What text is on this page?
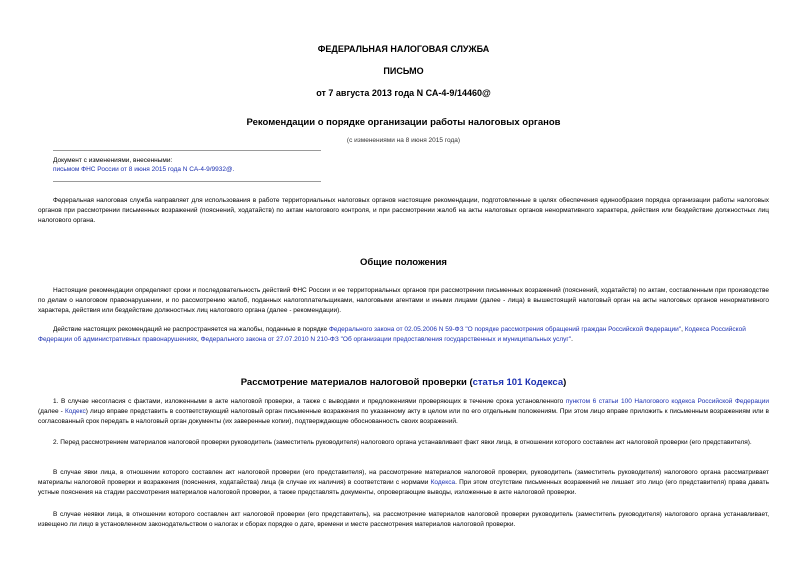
ФЕДЕРАЛЬНАЯ НАЛОГОВАЯ СЛУЖБА
ПИСЬМО
от 7 августа 2013 года N СА-4-9/14460@
Рекомендации о порядке организации работы налоговых органов
(с изменениями на 8 июня 2015 года)
Документ с изменениями, внесенными:
письмом ФНС России от 8 июня 2015 года N СА-4-9/9932@.
Федеральная налоговая служба направляет для использования в работе территориальных налоговых органов настоящие рекомендации, подготовленные в целях обеспечения единообразия порядка организации работы налоговых органов при рассмотрении письменных возражений (пояснений, ходатайств) по актам налогового контроля, и при рассмотрении жалоб на акты налоговых органов ненормативного характера, действия или бездействие должностных лиц налогового органа.
Общие положения
Настоящие рекомендации определяют сроки и последовательность действий ФНС России и ее территориальных органов при рассмотрении письменных возражений (пояснений, ходатайств) по актам, составленным при производстве по делам о налоговом правонарушении, и по рассмотрению жалоб, поданных налогоплательщиками, налоговыми агентами и иными лицами (далее - лица) в вышестоящий налоговый орган на акты налоговых органов ненормативного характера, действия или бездействие должностных лиц налогового органа (далее - рекомендации).
Действие настоящих рекомендаций не распространяется на жалобы, поданные в порядке Федерального закона от 02.05.2006 N 59-ФЗ "О порядке рассмотрения обращений граждан Российской Федерации", Кодекса Российской Федерации об административных правонарушениях, Федерального закона от 27.07.2010 N 210-ФЗ "Об организации предоставления государственных и муниципальных услуг".
Рассмотрение материалов налоговой проверки (статья 101 Кодекса)
1. В случае несогласия с фактами, изложенными в акте налоговой проверки, а также с выводами и предложениями проверяющих в течение срока установленного пунктом 6 статьи 100 Налогового кодекса Российской Федерации (далее - Кодекс) лицо вправе представить в соответствующий налоговый орган письменные возражения по указанному акту в целом или по его отдельным положениям. При этом лицо вправе приложить к письменным возражениям или в согласованный срок передать в налоговый орган документы (их заверенные копии), подтверждающие обоснованность своих возражений.
2. Перед рассмотрением материалов налоговой проверки руководитель (заместитель руководителя) налогового органа устанавливает факт явки лица, в отношении которого составлен акт налоговой проверки (его представителя).
В случае явки лица, в отношении которого составлен акт налоговой проверки (его представителя), на рассмотрение материалов налоговой проверки, руководитель (заместитель руководителя) налогового органа рассматривает материалы налоговой проверки и возражения (пояснения, ходатайства) лица (в случае их наличия) в соответствии с нормами Кодекса. При этом отсутствие письменных возражений не лишает это лицо (его представителя) права давать устные пояснения на стадии рассмотрения материалов налоговой проверки, а также представлять документы, опровергающие выводы, изложенные в акте налоговой проверки.
В случае неявки лица, в отношении которого составлен акт налоговой проверки (его представитель), на рассмотрение материалов налоговой проверки руководитель (заместитель руководителя) налогового органа устанавливает, извещено ли лицо в установленном законодательством о налогах и сборах порядке о дате, времени и месте рассмотрения материалов налоговой проверки.
